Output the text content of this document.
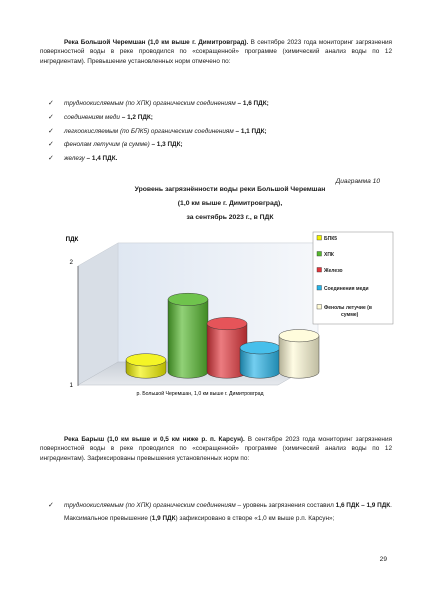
Река Большой Черемшан (1,0 км выше г. Димитровград). В сентябре 2023 года мониторинг загрязнения поверхностной воды в реке проводился по «сокращенной» программе (химический анализ воды по 12 ингредиентам). Превышение установленных норм отмечено по:
✓ трудноокисляемым (по ХПК) органическим соединениям – 1,6 ПДК;
✓ соединениям меди – 1,2 ПДК;
✓ легкоокисляемым (по БПК5) органическим соединениям – 1,1 ПДК;
✓ фенолам летучим (в сумме) – 1,3 ПДК;
✓ железу – 1,4 ПДК.
Диаграмма 10
Уровень загрязнённости воды реки Большой Черемшан
(1,0 км выше г. Димитровград),
за сентябрь 2023 г., в ПДК
ПДК
2
1
р. Большой Черемшан, 1,0 км выше г. Димитровград
БПК5
ХПК
Железо
Соединения меди
Фенолы летучие (в
сумме)
Река Барыш (1,0 км выше и 0,5 км ниже р. п. Карсун). В сентябре 2023 года мониторинг загрязнения поверхностной воды в реке проводился по «сокращенной» программе (химический анализ воды по 12 ингредиентам). Зафиксированы превышения установленных норм по:
✓	трудноокисляемым (по ХПК) органическим соединениям – уровень загрязнения составил 1,6 ПДК – 1,9 ПДК. Максимальное превышение (1,9 ПДК) зафиксировано в створе «1,0 км выше р.п. Карсун»;
29
